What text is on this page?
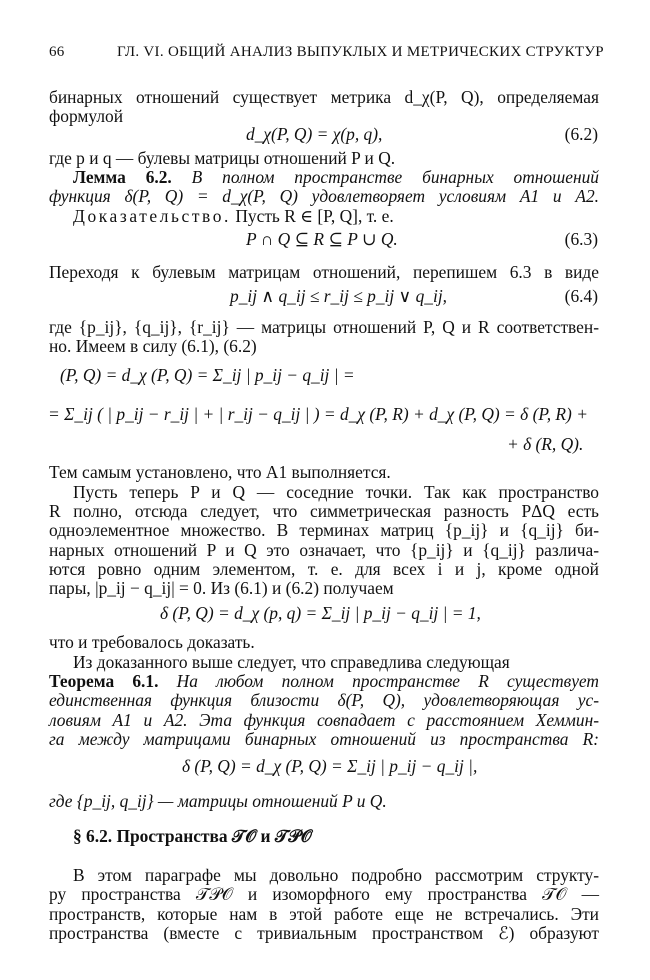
66	ГЛ. VI. ОБЩИЙ АНАЛИЗ ВЫПУКЛЫХ И МЕТРИЧЕСКИХ СТРУКТУР
бинарных отношений существует метрика d_χ(P, Q), определяемая
формулой
d_χ(P, Q) = χ(p, q),	(6.2)
где p и q — булевы матрицы отношений P и Q.
Лемма 6.2. В полном пространстве бинарных отношений
функция δ(P, Q) = d_χ(P, Q) удовлетворяет условиям A1 и A2.
Доказательство. Пусть R ∈ [P, Q], т. е.
P ∩ Q ⊆ R ⊆ P ∪ Q.	(6.3)
Переходя к булевым матрицам отношений, перепишем 6.3 в виде
p_ij ∧ q_ij ≤ r_ij ≤ p_ij ∨ q_ij,	(6.4)
где {p_ij}, {q_ij}, {r_ij} — матрицы отношений P, Q и R соответствен-
но. Имеем в силу (6.1), (6.2)
(P, Q) = d_χ (P, Q) = Σ_ij | p_ij − q_ij | =
= Σ_ij ( | p_ij − r_ij | + | r_ij − q_ij | ) = d_χ (P, R) + d_χ (P, Q) = δ (P, R) +
+ δ (R, Q).
Тем самым установлено, что A1 выполняется.
Пусть теперь P и Q — соседние точки. Так как пространство
R полно, отсюда следует, что симметрическая разность PΔQ есть
одноэлементное множество. В терминах матриц {p_ij} и {q_ij} би-
нарных отношений P и Q это означает, что {p_ij} и {q_ij} различа-
ются ровно одним элементом, т. е. для всех i и j, кроме одной
пары, |p_ij − q_ij| = 0. Из (6.1) и (6.2) получаем
δ (P, Q) = d_χ (p, q) = Σ_ij | p_ij − q_ij | = 1,
что и требовалось доказать.
Из доказанного выше следует, что справедлива следующая
Теорема 6.1. На любом полном пространстве R существует
единственная функция близости δ(P, Q), удовлетворяющая ус-
ловиям A1 и A2. Эта функция совпадает с расстоянием Хеммин-
га между матрицами бинарных отношений из пространства R:
δ (P, Q) = d_χ (P, Q) = Σ_ij | p_ij − q_ij |,
где {p_ij, q_ij} — матрицы отношений P и Q.
§ 6.2. Пространства 𝒯𝒪 и 𝒯𝒫𝒪
В этом параграфе мы довольно подробно рассмотрим структу-
ру пространства 𝒯𝒫𝒪 и изоморфного ему пространства 𝒯𝒪 —
пространств, которые нам в этой работе еще не встречались. Эти
пространства (вместе с тривиальным пространством ℰ) образуют
